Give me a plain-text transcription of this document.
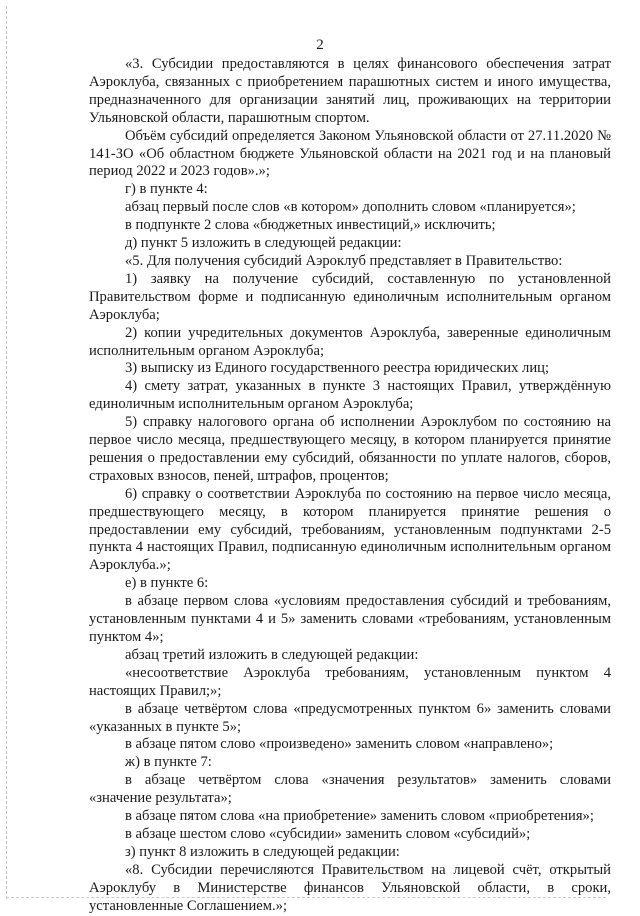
2

«3. Субсидии предоставляются в целях финансового обеспечения затрат Аэроклуба, связанных с приобретением парашютных систем и иного имущества, предназначенного для организации занятий лиц, проживающих на территории Ульяновской области, парашютным спортом.

Объём субсидий определяется Законом Ульяновской области от 27.11.2020 № 141-ЗО «Об областном бюджете Ульяновской области на 2021 год и на плановый период 2022 и 2023 годов».»;

г) в пункте 4:

абзац первый после слов «в котором» дополнить словом «планируется»;

в подпункте 2 слова «бюджетных инвестиций,» исключить;

д) пункт 5 изложить в следующей редакции:

«5. Для получения субсидий Аэроклуб представляет в Правительство:

1) заявку на получение субсидий, составленную по установленной Правительством форме и подписанную единоличным исполнительным органом Аэроклуба;

2) копии учредительных документов Аэроклуба, заверенные единоличным исполнительным органом Аэроклуба;

3) выписку из Единого государственного реестра юридических лиц;

4) смету затрат, указанных в пункте 3 настоящих Правил, утверждённую единоличным исполнительным органом Аэроклуба;

5) справку налогового органа об исполнении Аэроклубом по состоянию на первое число месяца, предшествующего месяцу, в котором планируется принятие решения о предоставлении ему субсидий, обязанности по уплате налогов, сборов, страховых взносов, пеней, штрафов, процентов;

6) справку о соответствии Аэроклуба по состоянию на первое число месяца, предшествующего месяцу, в котором планируется принятие решения о предоставлении ему субсидий, требованиям, установленным подпунктами 2-5 пункта 4 настоящих Правил, подписанную единоличным исполнительным органом Аэроклуба.»;

е) в пункте 6:

в абзаце первом слова «условиям предоставления субсидий и требованиям, установленным пунктами 4 и 5» заменить словами «требованиям, установленным пунктом 4»;

абзац третий изложить в следующей редакции:

«несоответствие Аэроклуба требованиям, установленным пунктом 4 настоящих Правил;»;

в абзаце четвёртом слова «предусмотренных пунктом 6» заменить словами «указанных в пункте 5»;

в абзаце пятом слово «произведено» заменить словом «направлено»;

ж) в пункте 7:

в абзаце четвёртом слова «значения результатов» заменить словами «значение результата»;

в абзаце пятом слова «на приобретение» заменить словом «приобретения»;

в абзаце шестом слово «субсидии» заменить словом «субсидий»;

з) пункт 8 изложить в следующей редакции:

«8. Субсидии перечисляются Правительством на лицевой счёт, открытый Аэроклубу в Министерстве финансов Ульяновской области, в сроки, установленные Соглашением.»;
